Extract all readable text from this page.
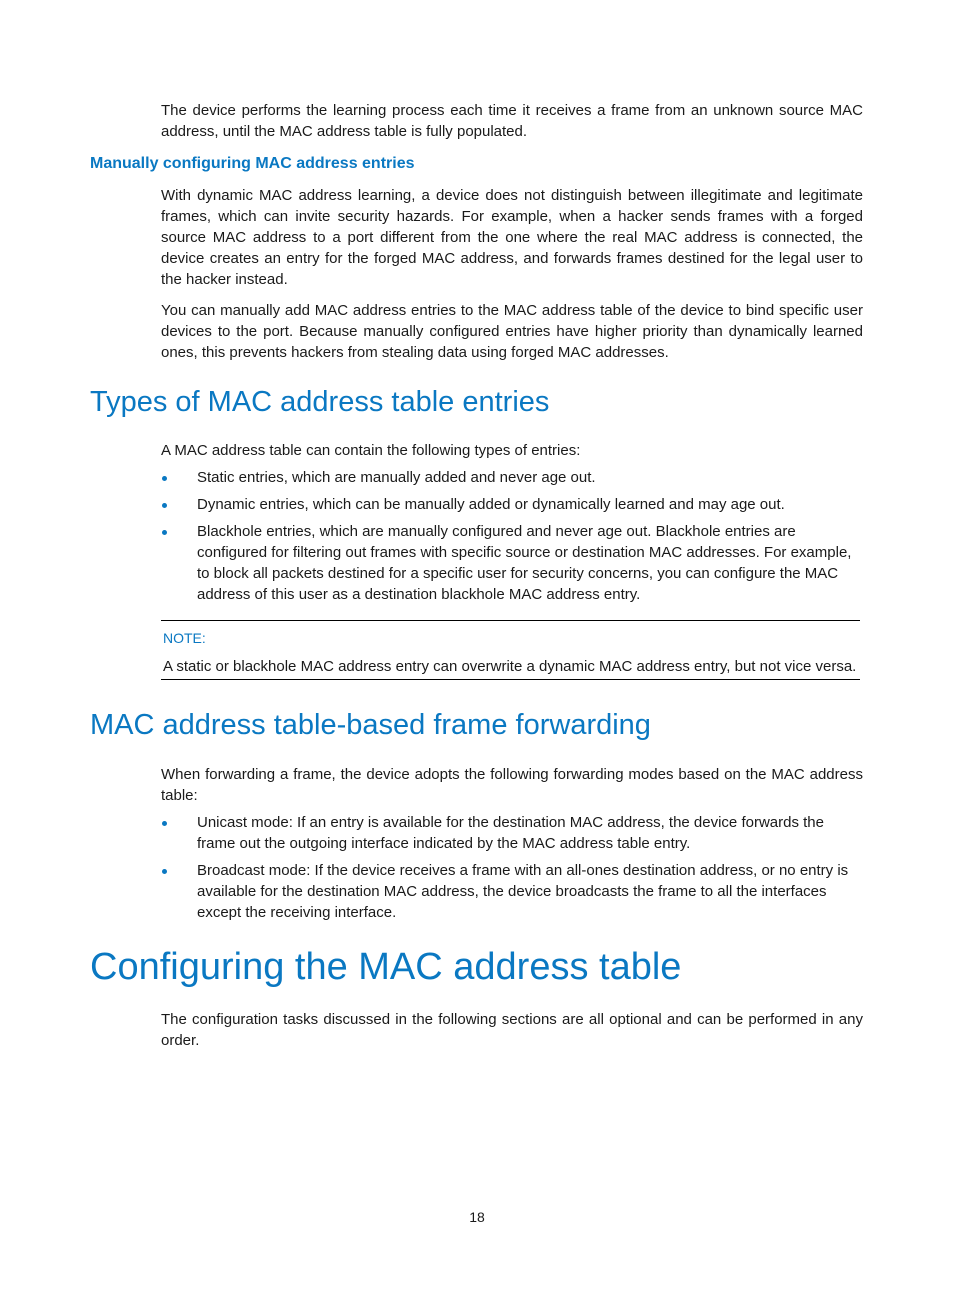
The device performs the learning process each time it receives a frame from an unknown source MAC address, until the MAC address table is fully populated.

Manually configuring MAC address entries

With dynamic MAC address learning, a device does not distinguish between illegitimate and legitimate frames, which can invite security hazards. For example, when a hacker sends frames with a forged source MAC address to a port different from the one where the real MAC address is connected, the device creates an entry for the forged MAC address, and forwards frames destined for the legal user to the hacker instead.

You can manually add MAC address entries to the MAC address table of the device to bind specific user devices to the port. Because manually configured entries have higher priority than dynamically learned ones, this prevents hackers from stealing data using forged MAC addresses.

Types of MAC address table entries

A MAC address table can contain the following types of entries:

Static entries, which are manually added and never age out.
Dynamic entries, which can be manually added or dynamically learned and may age out.
Blackhole entries, which are manually configured and never age out. Blackhole entries are configured for filtering out frames with specific source or destination MAC addresses. For example, to block all packets destined for a specific user for security concerns, you can configure the MAC address of this user as a destination blackhole MAC address entry.
NOTE:
A static or blackhole MAC address entry can overwrite a dynamic MAC address entry, but not vice versa.
MAC address table-based frame forwarding

When forwarding a frame, the device adopts the following forwarding modes based on the MAC address table:

Unicast mode: If an entry is available for the destination MAC address, the device forwards the frame out the outgoing interface indicated by the MAC address table entry.
Broadcast mode: If the device receives a frame with an all-ones destination address, or no entry is available for the destination MAC address, the device broadcasts the frame to all the interfaces except the receiving interface.
Configuring the MAC address table

The configuration tasks discussed in the following sections are all optional and can be performed in any order.

18
